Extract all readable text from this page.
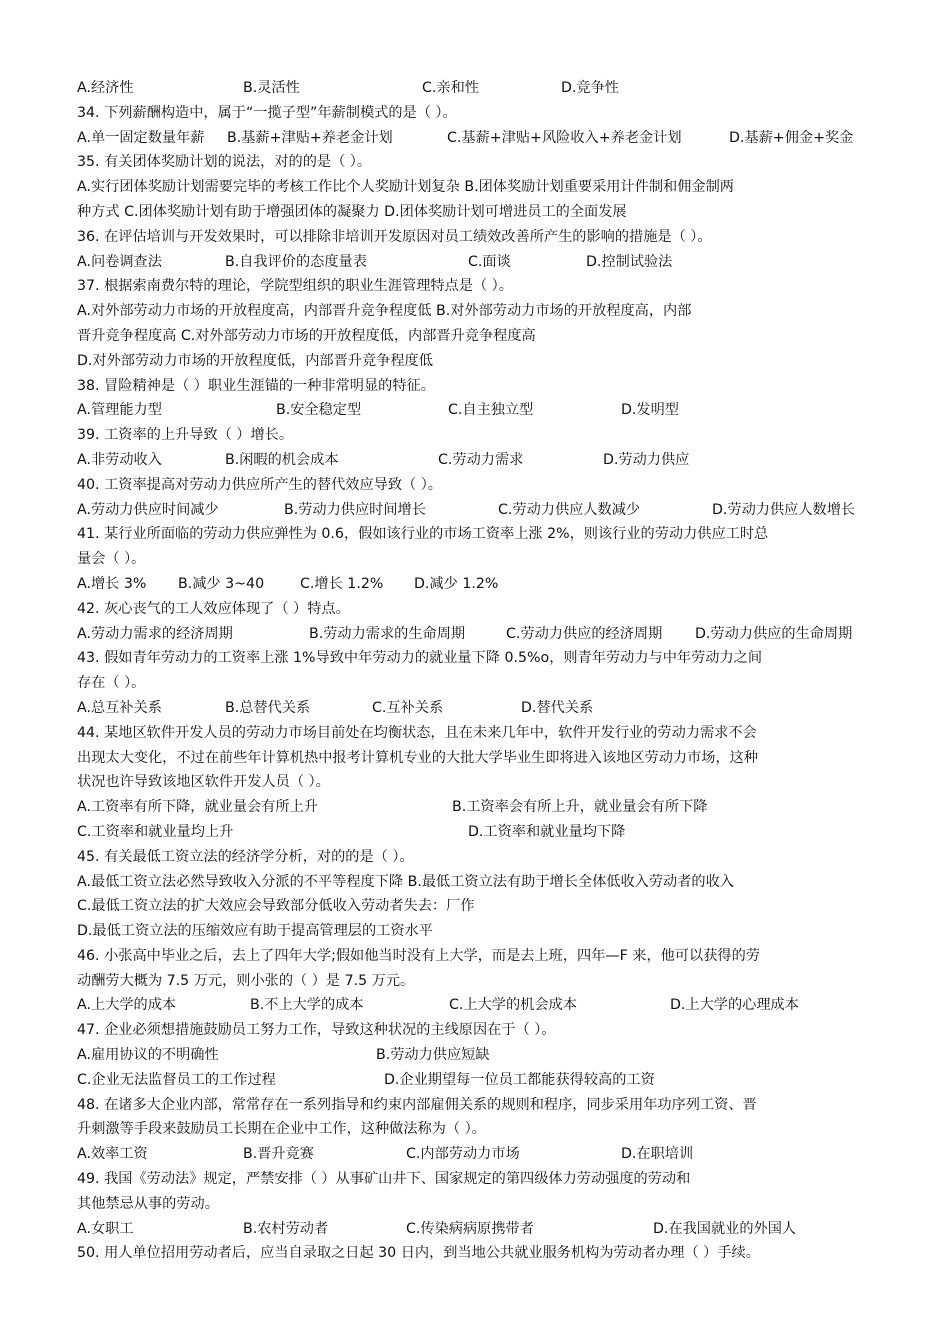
A.经济性	B.灵活性	C.亲和性	D.竞争性
34. 下列薪酬构造中，属于“一揽子型”年薪制模式的是（ ）。
A.单一固定数量年薪 B.基薪+津贴+养老金计划	C.基薪+津贴+风险收入+养老金计划	D.基薪+佣金+奖金
35. 有关团体奖励计划的说法，对的的是（ ）。
A.实行团体奖励计划需要完毕的考核工作比个人奖励计划复杂 B.团体奖励计划重要采用计件制和佣金制两
种方式 C.团体奖励计划有助于增强团体的凝聚力 D.团体奖励计划可增进员工的全面发展
36. 在评估培训与开发效果时，可以排除非培训开发原因对员工绩效改善所产生的影响的措施是（ ）。
A.问卷调查法	B.自我评价的态度量表	C.面谈	D.控制试验法
37. 根据索南费尔特的理论，学院型组织的职业生涯管理特点是（ ）。
A.对外部劳动力市场的开放程度高，内部晋升竞争程度低 B.对外部劳动力市场的开放程度高，内部
晋升竞争程度高 C.对外部劳动力市场的开放程度低，内部晋升竞争程度高
D.对外部劳动力市场的开放程度低，内部晋升竞争程度低
38. 冒险精神是（ ）职业生涯锚的一种非常明显的特征。
A.管理能力型	B.安全稳定型	C.自主独立型	D.发明型
39. 工资率的上升导致（ ）增长。
A.非劳动收入	B.闲暇的机会成本	C.劳动力需求	D.劳动力供应
40. 工资率提高对劳动力供应所产生的替代效应导致（ ）。
A.劳动力供应时间减少	B.劳动力供应时间增长	C.劳动力供应人数减少	D.劳动力供应人数增长
41. 某行业所面临的劳动力供应弹性为 0.6，假如该行业的市场工资率上涨 2%，则该行业的劳动力供应工时总
量会（ ）。
A.增长 3% B.减少 3~40	C.增长 1.2% D.减少 1.2%
42. 灰心丧气的工人效应体现了（ ）特点。
A.劳动力需求的经济周期	B.劳动力需求的生命周期	C.劳动力供应的经济周期 D.劳动力供应的生命周期
43. 假如青年劳动力的工资率上涨 1%导致中年劳动力的就业量下降 0.5%o，则青年劳动力与中年劳动力之间
存在（ ）。
A.总互补关系	B.总替代关系	C.互补关系	D.替代关系
44. 某地区软件开发人员的劳动力市场目前处在均衡状态，且在未来几年中，软件开发行业的劳动力需求不会
出现太大变化，不过在前些年计算机热中报考计算机专业的大批大学毕业生即将进入该地区劳动力市场，这种
状况也许导致该地区软件开发人员（ ）。
A.工资率有所下降，就业量会有所上升	B.工资率会有所上升，就业量会有所下降
C.工资率和就业量均上升	D.工资率和就业量均下降
45. 有关最低工资立法的经济学分析，对的的是（ ）。
A.最低工资立法必然导致收入分派的不平等程度下降 B.最低工资立法有助于增长全体低收入劳动者的收入
C.最低工资立法的扩大效应会导致部分低收入劳动者失去：厂作
D.最低工资立法的压缩效应有助于提高管理层的工资水平
46. 小张高中毕业之后，去上了四年大学;假如他当时没有上大学，而是去上班，四年—F 来，他可以获得的劳
动酬劳大概为 7.5 万元，则小张的（ ）是 7.5 万元。
A.上大学的成本	B.不上大学的成本	C.上大学的机会成本	D.上大学的心理成本
47. 企业必须想措施鼓励员工努力工作，导致这种状况的主线原因在于（ ）。
A.雇用协议的不明确性	B.劳动力供应短缺
C.企业无法监督员工的工作过程	D.企业期望每一位员工都能获得较高的工资
48. 在诸多大企业内部，常常存在一系列指导和约束内部雇佣关系的规则和程序，同步采用年功序列工资、晋
升刺激等手段来鼓励员工长期在企业中工作，这种做法称为（ ）。
A.效率工资	B.晋升竞赛	C.内部劳动力市场	D.在职培训
49. 我国《劳动法》规定，严禁安排（ ）从事矿山井下、国家规定的第四级体力劳动强度的劳动和
其他禁忌从事的劳动。
A.女职工	B.农村劳动者	C.传染病病原携带者	D.在我国就业的外国人
50. 用人单位招用劳动者后，应当自录取之日起 30 日内，到当地公共就业服务机构为劳动者办理（ ）手续。
